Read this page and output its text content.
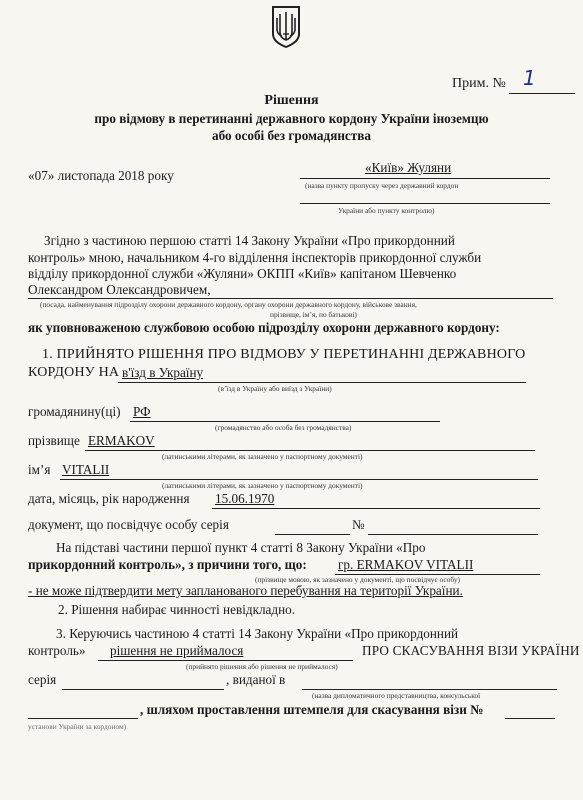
Прим. № 1
Рішення
про відмову в перетинанні державного кордону України іноземцю
або особі без громадянства
«07» листопада 2018 року
«Київ» Жуляни
(назва пункту пропуску через державний кордон
України або пункту контролю)
Згідно з частиною першою статті 14 Закону України «Про прикордонний
контроль» мною, начальником 4-го відділення інспекторів прикордонної служби
відділу прикордонної служби «Жуляни» ОКПП «Київ» капітаном Шевченко
Олександром Олександровичем,
(посада, найменування підрозділу охорони державного кордону, органу охорони державного кордону, військове звання,
прізвище, ім’я, по батькові)
як уповноваженою службовою особою підрозділу охорони державного кордону:
1. ПРИЙНЯТО РІШЕННЯ ПРО ВІДМОВУ У ПЕРЕТИНАННІ ДЕРЖАВНОГО
КОРДОНУ НА в'їзд в Україну
(в’їзд в Україну або виїзд з України)
громадянину(ці) РФ
(громадянство або особа без громадянства)
прізвище ERMAKOV
(латинськими літерами, як зазначено у паспортному документі)
ім’я VITALII
(латинськими літерами, як зазначено у паспортному документі)
дата, місяць, рік народження 15.06.1970
документ, що посвідчує особу серія	№
На підставі частини першої пункт 4 статті 8 Закону України «Про
прикордонний контроль», з причини того, що: гр. ERMAKOV VITALII
(прізвище мовою, як зазначено у документі, що посвідчує особу)
- не може підтвердити мету запланованого перебування на території України.
2. Рішення набирає чинності невідкладно.
3. Керуючись частиною 4 статті 14 Закону України «Про прикордонний
контроль» рішення не приймалося	ПРО СКАСУВАННЯ ВІЗИ УКРАЇНИ
(прийнято рішення або рішення не приймалося)
серія	, виданої в
(назва дипломатичного представництва, консульської
, шляхом проставлення штемпеля для скасування візи №
установи України за кордоном)
